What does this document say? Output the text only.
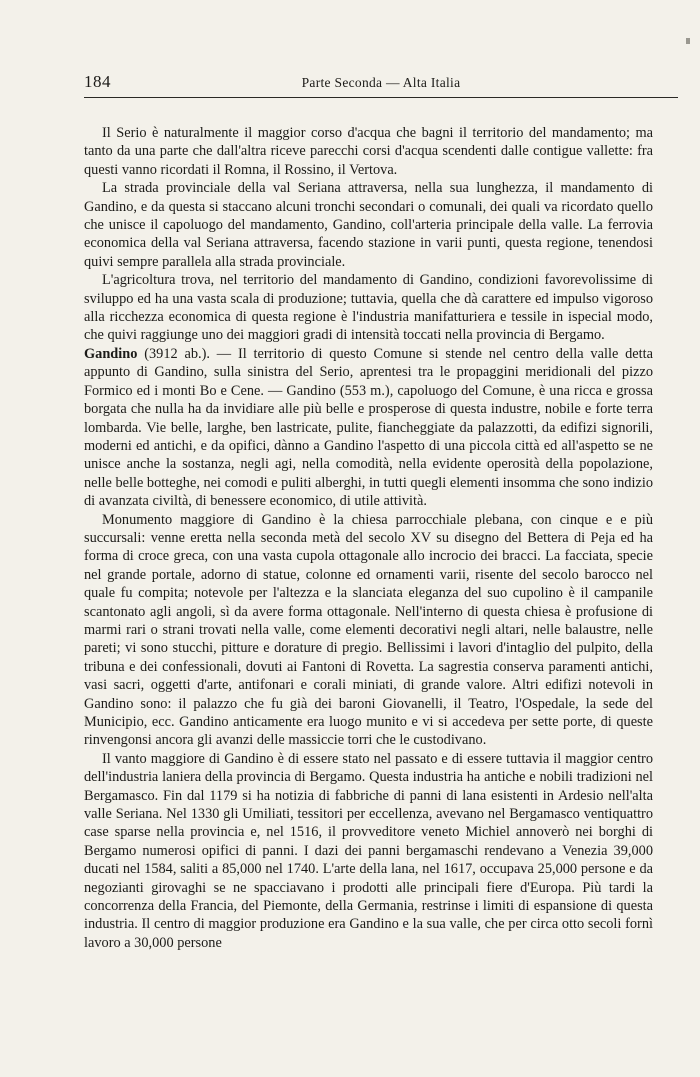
184	Parte Seconda — Alta Italia

Il Serio è naturalmente il maggior corso d'acqua che bagni il territorio del mandamento; ma tanto da una parte che dall'altra riceve parecchi corsi d'acqua scendenti dalle contigue vallette: fra questi vanno ricordati il Romna, il Rossino, il Vertova.

La strada provinciale della val Seriana attraversa, nella sua lunghezza, il mandamento di Gandino, e da questa si staccano alcuni tronchi secondari o comunali, dei quali va ricordato quello che unisce il capoluogo del mandamento, Gandino, coll'arteria principale della valle. La ferrovia economica della val Seriana attraversa, facendo stazione in varii punti, questa regione, tenendosi quivi sempre parallela alla strada provinciale.

L'agricoltura trova, nel territorio del mandamento di Gandino, condizioni favorevolissime di sviluppo ed ha una vasta scala di produzione; tuttavia, quella che dà carattere ed impulso vigoroso alla ricchezza economica di questa regione è l'industria manifatturiera e tessile in ispecial modo, che quivi raggiunge uno dei maggiori gradi di intensità toccati nella provincia di Bergamo.

Gandino (3912 ab.). — Il territorio di questo Comune si stende nel centro della valle detta appunto di Gandino, sulla sinistra del Serio, aprentesi tra le propaggini meridionali del pizzo Formico ed i monti Bo e Cene. — Gandino (553 m.), capoluogo del Comune, è una ricca e grossa borgata che nulla ha da invidiare alle più belle e prosperose di questa industre, nobile e forte terra lombarda. Vie belle, larghe, ben lastricate, pulite, fiancheggiate da palazzotti, da edifizi signorili, moderni ed antichi, e da opifici, dànno a Gandino l'aspetto di una piccola città ed all'aspetto se ne unisce anche la sostanza, negli agi, nella comodità, nella evidente operosità della popolazione, nelle belle botteghe, nei comodi e puliti alberghi, in tutti quegli elementi insomma che sono indizio di avanzata civiltà, di benessere economico, di utile attività.

Monumento maggiore di Gandino è la chiesa parrocchiale plebana, con cinque e e più succursali: venne eretta nella seconda metà del secolo XV su disegno del Bettera di Peja ed ha forma di croce greca, con una vasta cupola ottagonale allo incrocio dei bracci. La facciata, specie nel grande portale, adorno di statue, colonne ed ornamenti varii, risente del secolo barocco nel quale fu compita; notevole per l'altezza e la slanciata eleganza del suo cupolino è il campanile scantonato agli angoli, sì da avere forma ottagonale. Nell'interno di questa chiesa è profusione di marmi rari o strani trovati nella valle, come elementi decorativi negli altari, nelle balaustre, nelle pareti; vi sono stucchi, pitture e dorature di pregio. Bellissimi i lavori d'intaglio del pulpito, della tribuna e dei confessionali, dovuti ai Fantoni di Rovetta. La sagrestia conserva paramenti antichi, vasi sacri, oggetti d'arte, antifonari e corali miniati, di grande valore. Altri edifizi notevoli in Gandino sono: il palazzo che fu già dei baroni Giovanelli, il Teatro, l'Ospedale, la sede del Municipio, ecc. Gandino anticamente era luogo munito e vi si accedeva per sette porte, di queste rinvengonsi ancora gli avanzi delle massiccie torri che le custodivano.

Il vanto maggiore di Gandino è di essere stato nel passato e di essere tuttavia il maggior centro dell'industria laniera della provincia di Bergamo. Questa industria ha antiche e nobili tradizioni nel Bergamasco. Fin dal 1179 si ha notizia di fabbriche di panni di lana esistenti in Ardesio nell'alta valle Seriana. Nel 1330 gli Umiliati, tessitori per eccellenza, avevano nel Bergamasco ventiquattro case sparse nella provincia e, nel 1516, il provveditore veneto Michiel annoverò nei borghi di Bergamo numerosi opifici di panni. I dazi dei panni bergamaschi rendevano a Venezia 39,000 ducati nel 1584, saliti a 85,000 nel 1740. L'arte della lana, nel 1617, occupava 25,000 persone e da negozianti girovaghi se ne spacciavano i prodotti alle principali fiere d'Europa. Più tardi la concorrenza della Francia, del Piemonte, della Germania, restrinse i limiti di espansione di questa industria. Il centro di maggior produzione era Gandino e la sua valle, che per circa otto secoli fornì lavoro a 30,000 persone
